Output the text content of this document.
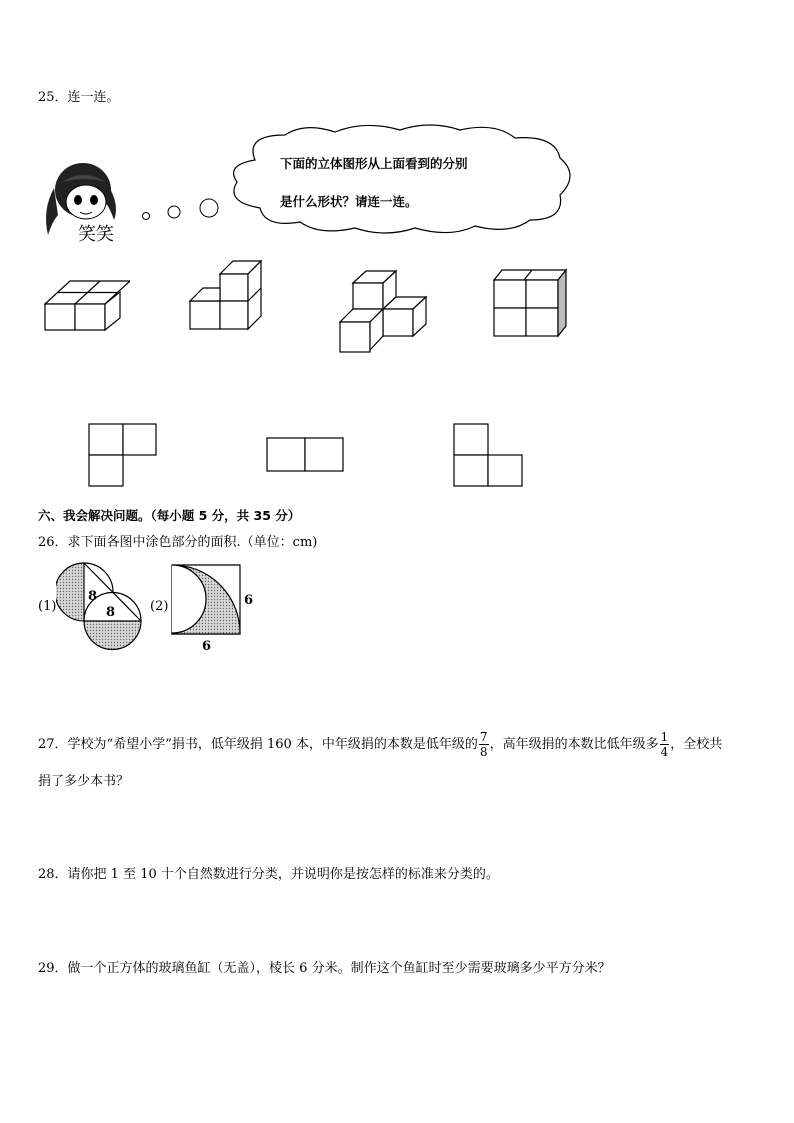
25．连一连。
笑笑
下面的立体图形从上面看到的分别
是什么形状？请连一连。
六、我会解决问题。（每小题 5 分，共 35 分）
26．求下面各图中涂色部分的面积.（单位：cm)
(1)
8
8	(2)	6
6
27．学校为“希望小学”捐书，低年级捐 160 本，中年级捐的本数是低年级的 $\frac{7}{8}$ ，高年级捐的本数比低年级多 $\frac{1}{4}$ ，全校共
捐了多少本书？
28．请你把 1 至 10 十个自然数进行分类，并说明你是按怎样的标准来分类的。
29．做一个正方体的玻璃鱼缸（无盖），棱长 6 分米。制作这个鱼缸时至少需要玻璃多少平方分米？
